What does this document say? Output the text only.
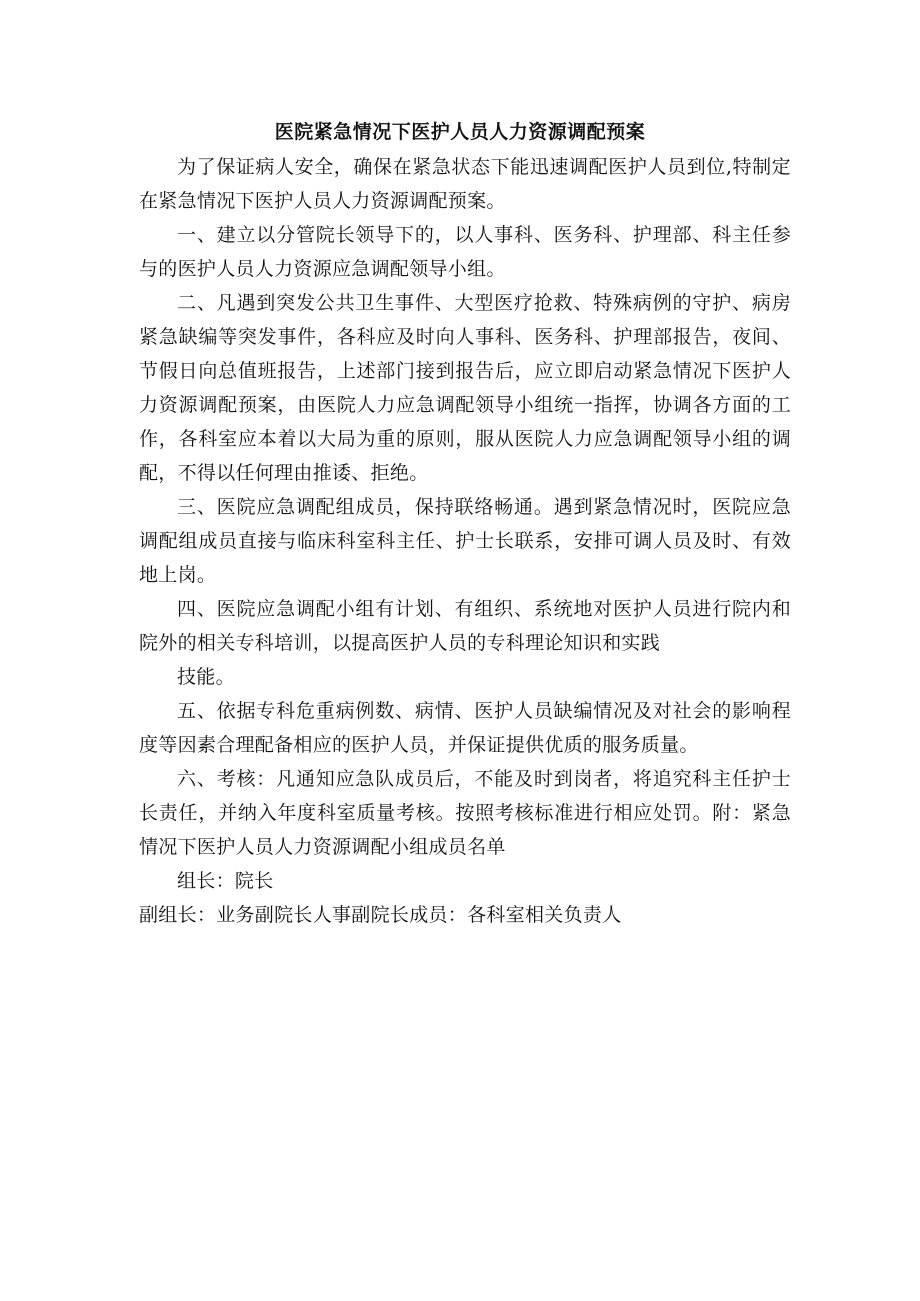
医院紧急情况下医护人员人力资源调配预案

为了保证病人安全，确保在紧急状态下能迅速调配医护人员到位,特制定在紧急情况下医护人员人力资源调配预案。

一、建立以分管院长领导下的，以人事科、医务科、护理部、科主任参与的医护人员人力资源应急调配领导小组。

二、凡遇到突发公共卫生事件、大型医疗抢救、特殊病例的守护、病房紧急缺编等突发事件，各科应及时向人事科、医务科、护理部报告，夜间、节假日向总值班报告，上述部门接到报告后，应立即启动紧急情况下医护人力资源调配预案，由医院人力应急调配领导小组统一指挥，协调各方面的工作，各科室应本着以大局为重的原则，服从医院人力应急调配领导小组的调配，不得以任何理由推诿、拒绝。

三、医院应急调配组成员，保持联络畅通。遇到紧急情况时，医院应急调配组成员直接与临床科室科主任、护士长联系，安排可调人员及时、有效地上岗。

四、医院应急调配小组有计划、有组织、系统地对医护人员进行院内和院外的相关专科培训，以提高医护人员的专科理论知识和实践

技能。

五、依据专科危重病例数、病情、医护人员缺编情况及对社会的影响程度等因素合理配备相应的医护人员，并保证提供优质的服务质量。

六、考核：凡通知应急队成员后，不能及时到岗者，将追究科主任护士长责任，并纳入年度科室质量考核。按照考核标准进行相应处罚。附：紧急情况下医护人员人力资源调配小组成员名单

组长：院长

副组长：业务副院长人事副院长成员：各科室相关负责人
